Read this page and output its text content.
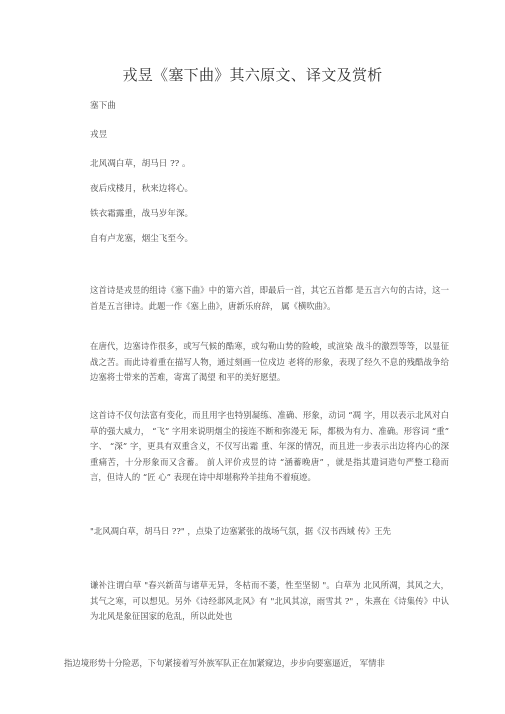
戎昱《塞下曲》其六原文、译文及赏析
塞下曲
戎昱
北风凋白草，胡马日 ?? 。
夜后戍楼月，秋来边将心。
铁衣霜露重，战马岁年深。
自有卢龙塞，烟尘飞至今。
这首诗是戎昱的组诗《塞下曲》中的第六首，即最后一首，其它五首都 是五言六句的古诗，这一首是五言律诗。此题一作《塞上曲》，唐新乐府辞， 属《横吹曲》。
在唐代，边塞诗作很多，或写气候的酷寒，或勾勒山势的险峻，或渲染 战斗的激烈等等，以显征战之苦。而此诗着重在描写人物，通过刻画一位戍边 老将的形象，表现了经久不息的残酷战争给边塞将士带来的苦难，寄寓了渴望 和平的美好愿望。
这首诗不仅句法富有变化，而且用字也特别凝练、准确、形象，动词 “凋 字，用以表示北风对白草的强大威力， “飞” 字用来说明烟尘的接连不断和弥漫无 际，都极为有力、准确。形容词 “重” 字、 “深” 字，更具有双重含义，不仅写出霜 重、年深的情况，而且进一步表示出边将内心的深重痛苦，十分形象而又含蓄。 前人评价戎昱的诗 “涵蓄晚唐” ，就是指其遣词造句严整工稳而言，但诗人的 “匠 心” 表现在诗中却堪称羚羊挂角不着痕迹。
"北风凋白草，胡马日 ??" ，点染了边塞紧张的战场气氛，据《汉书西域 传》王先
谦补注谓白草 "春兴新苗与诸草无异，冬枯而不萎，性至坚韧 "。白草为 北风所凋，其风之大，其气之寒，可以想见。另外《诗经邶风北风》有 "北风其凉，雨雪其 ?" ，朱熹在《诗集传》中认为北风是象征国家的危乱，所以此处也
指边境形势十分险恶，下句紧接着写外族军队正在加紧窥边，步步向要塞逼近， 军情非
